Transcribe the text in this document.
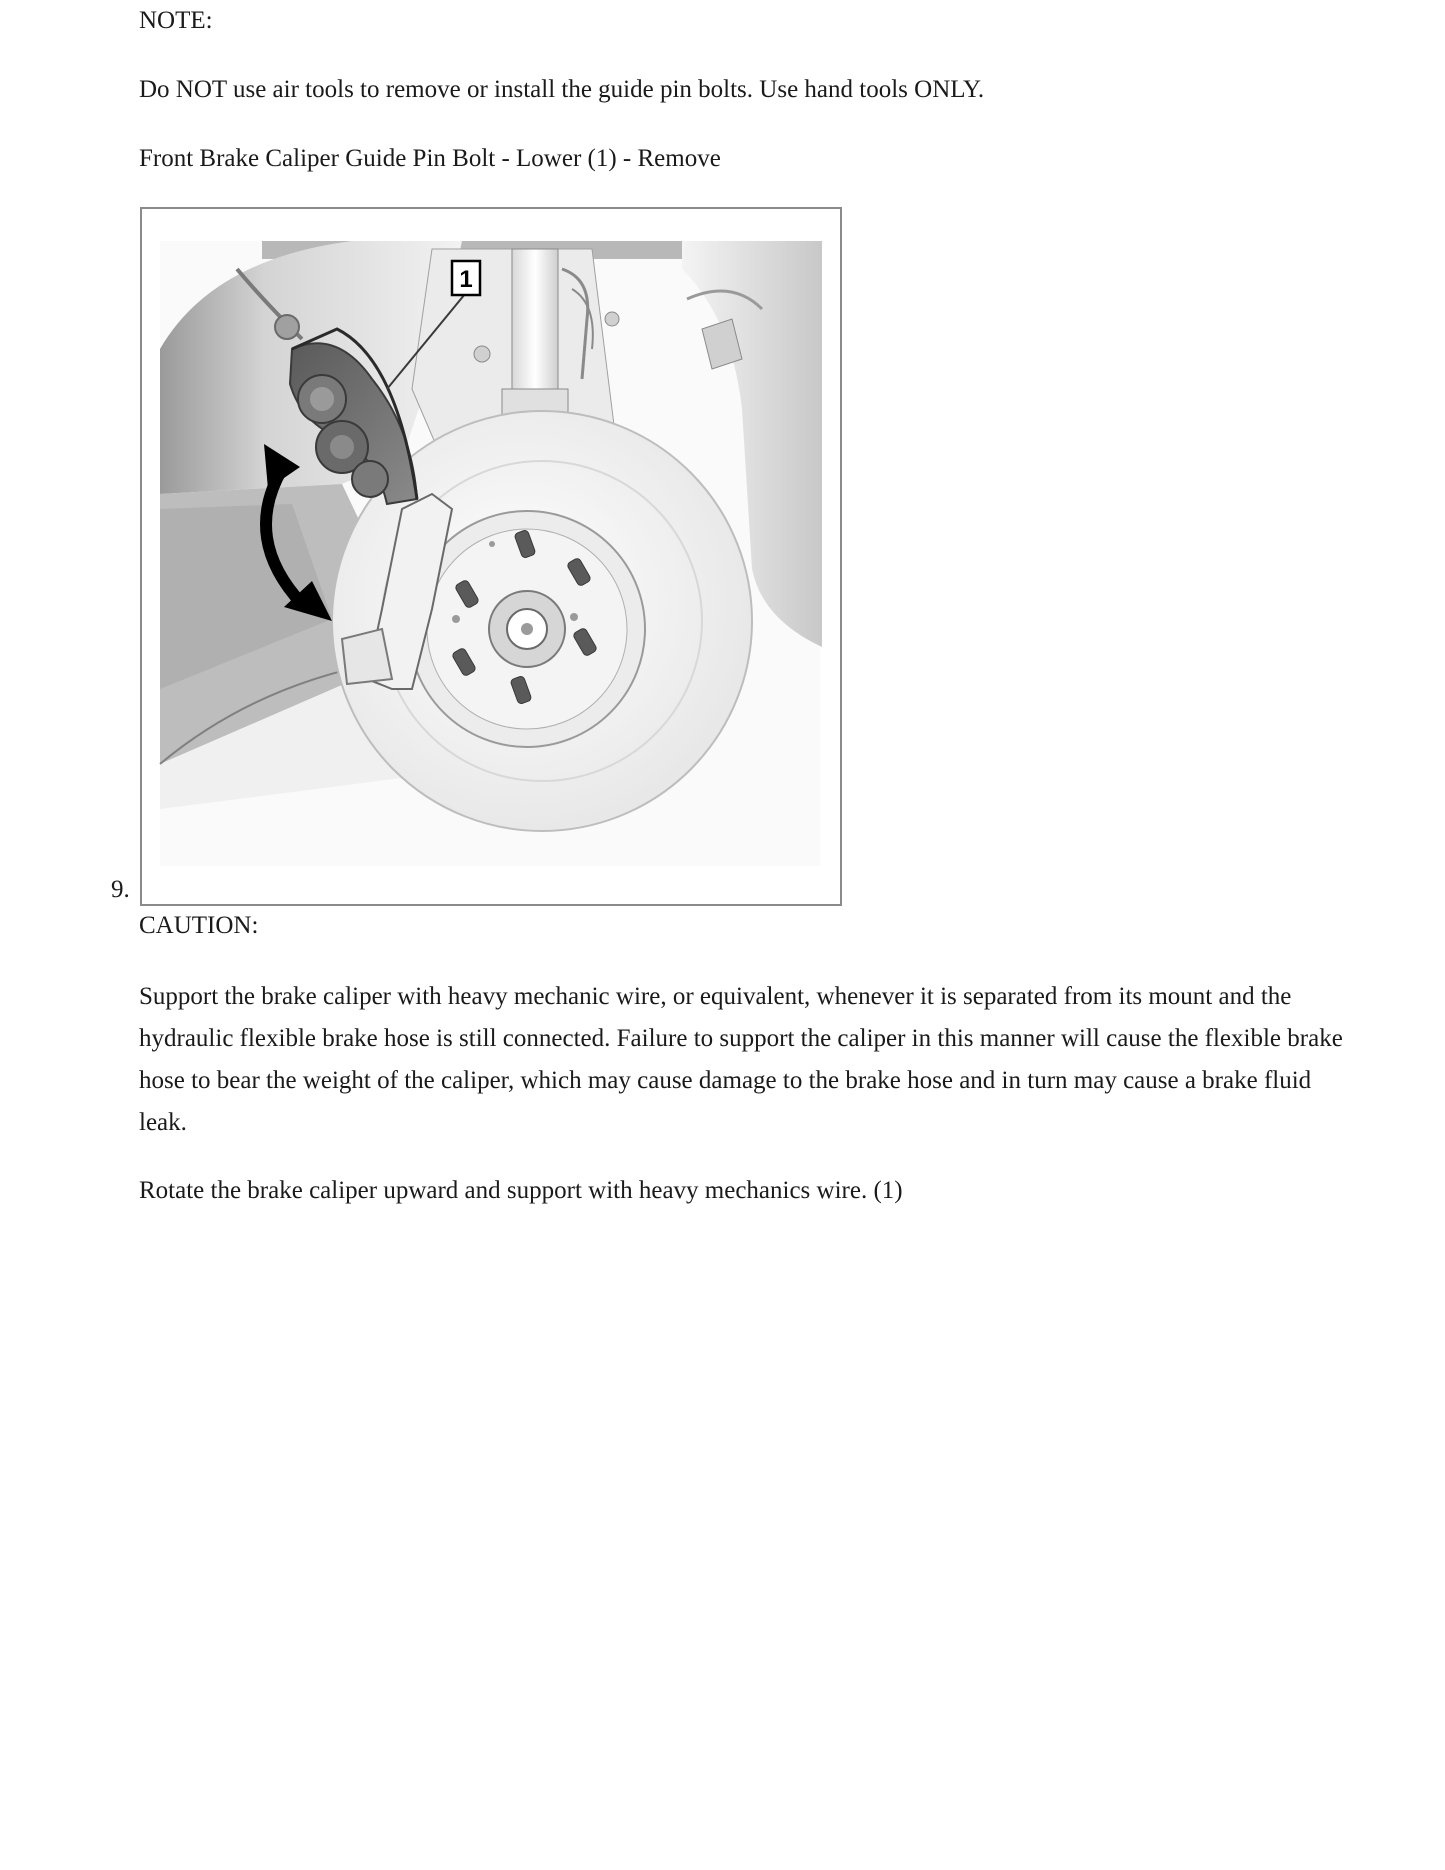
NOTE:

Do NOT use air tools to remove or install the guide pin bolts. Use hand tools ONLY.

Front Brake Caliper Guide Pin Bolt - Lower (1) - Remove

1
9.

CAUTION:

Support the brake caliper with heavy mechanic wire, or equivalent, whenever it is separated from its mount and the hydraulic flexible brake hose is still connected. Failure to support the caliper in this manner will cause the flexible brake hose to bear the weight of the caliper, which may cause damage to the brake hose and in turn may cause a brake fluid leak.

Rotate the brake caliper upward and support with heavy mechanics wire. (1)
